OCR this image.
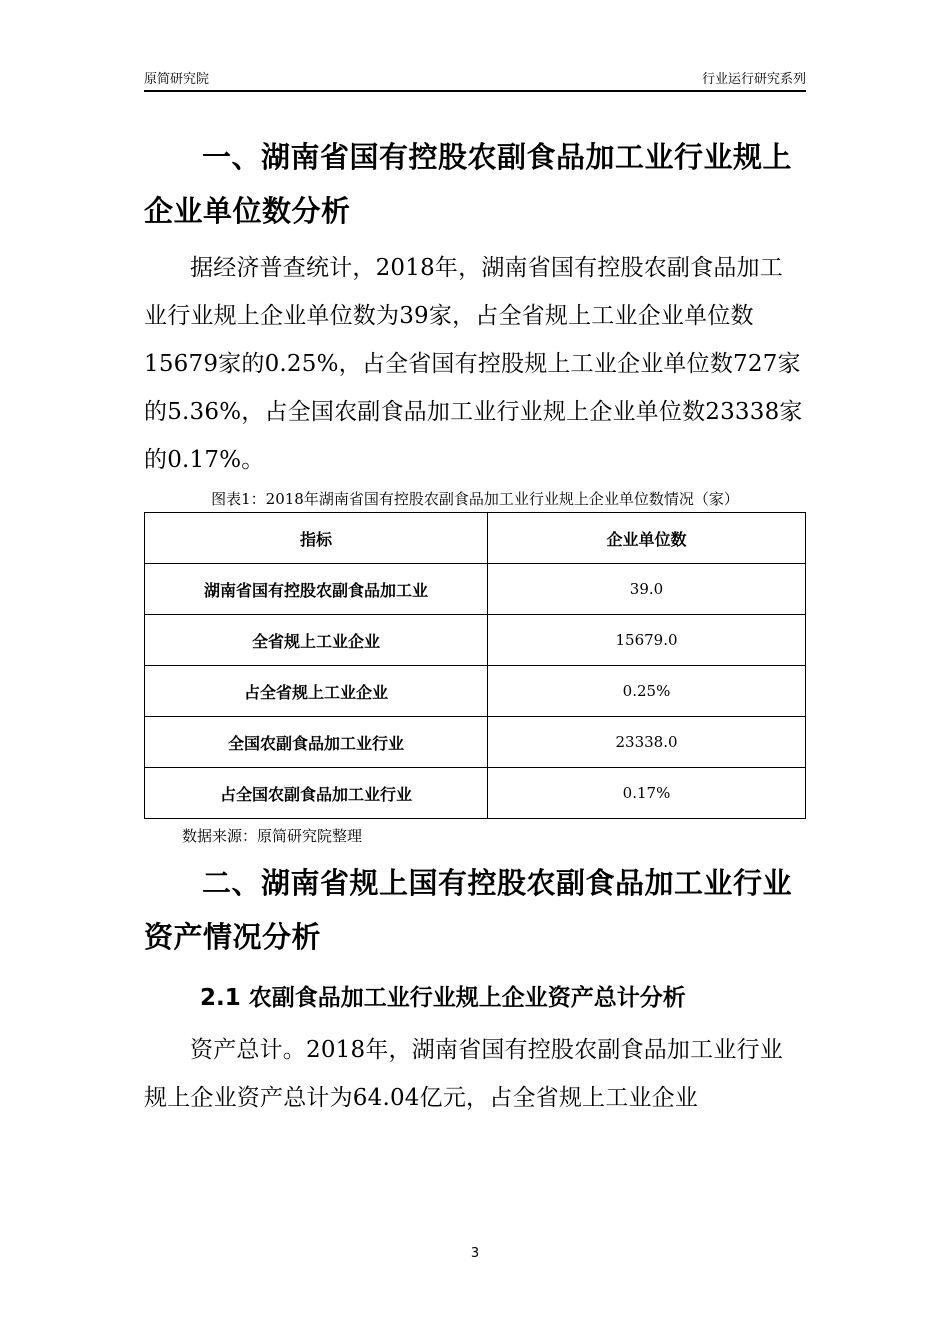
原简研究院	行业运行研究系列
一、湖南省国有控股农副食品加工业行业规上企业单位数分析

据经济普查统计，2018年，湖南省国有控股农副食品加工业行业规上企业单位数为39家，占全省规上工业企业单位数15679家的0.25%，占全省国有控股规上工业企业单位数727家的5.36%，占全国农副食品加工业行业规上企业单位数23338家的0.17%。

图表1：2018年湖南省国有控股农副食品加工业行业规上企业单位数情况（家）
指标	企业单位数
湖南省国有控股农副食品加工业	39.0
全省规上工业企业	15679.0
占全省规上工业企业	0.25%
全国农副食品加工业行业	23338.0
占全国农副食品加工业行业	0.17%
数据来源：原简研究院整理
二、湖南省规上国有控股农副食品加工业行业资产情况分析
2.1 农副食品加工业行业规上企业资产总计分析

资产总计。2018年，湖南省国有控股农副食品加工业行业规上企业资产总计为64.04亿元，占全省规上工业企业

3
